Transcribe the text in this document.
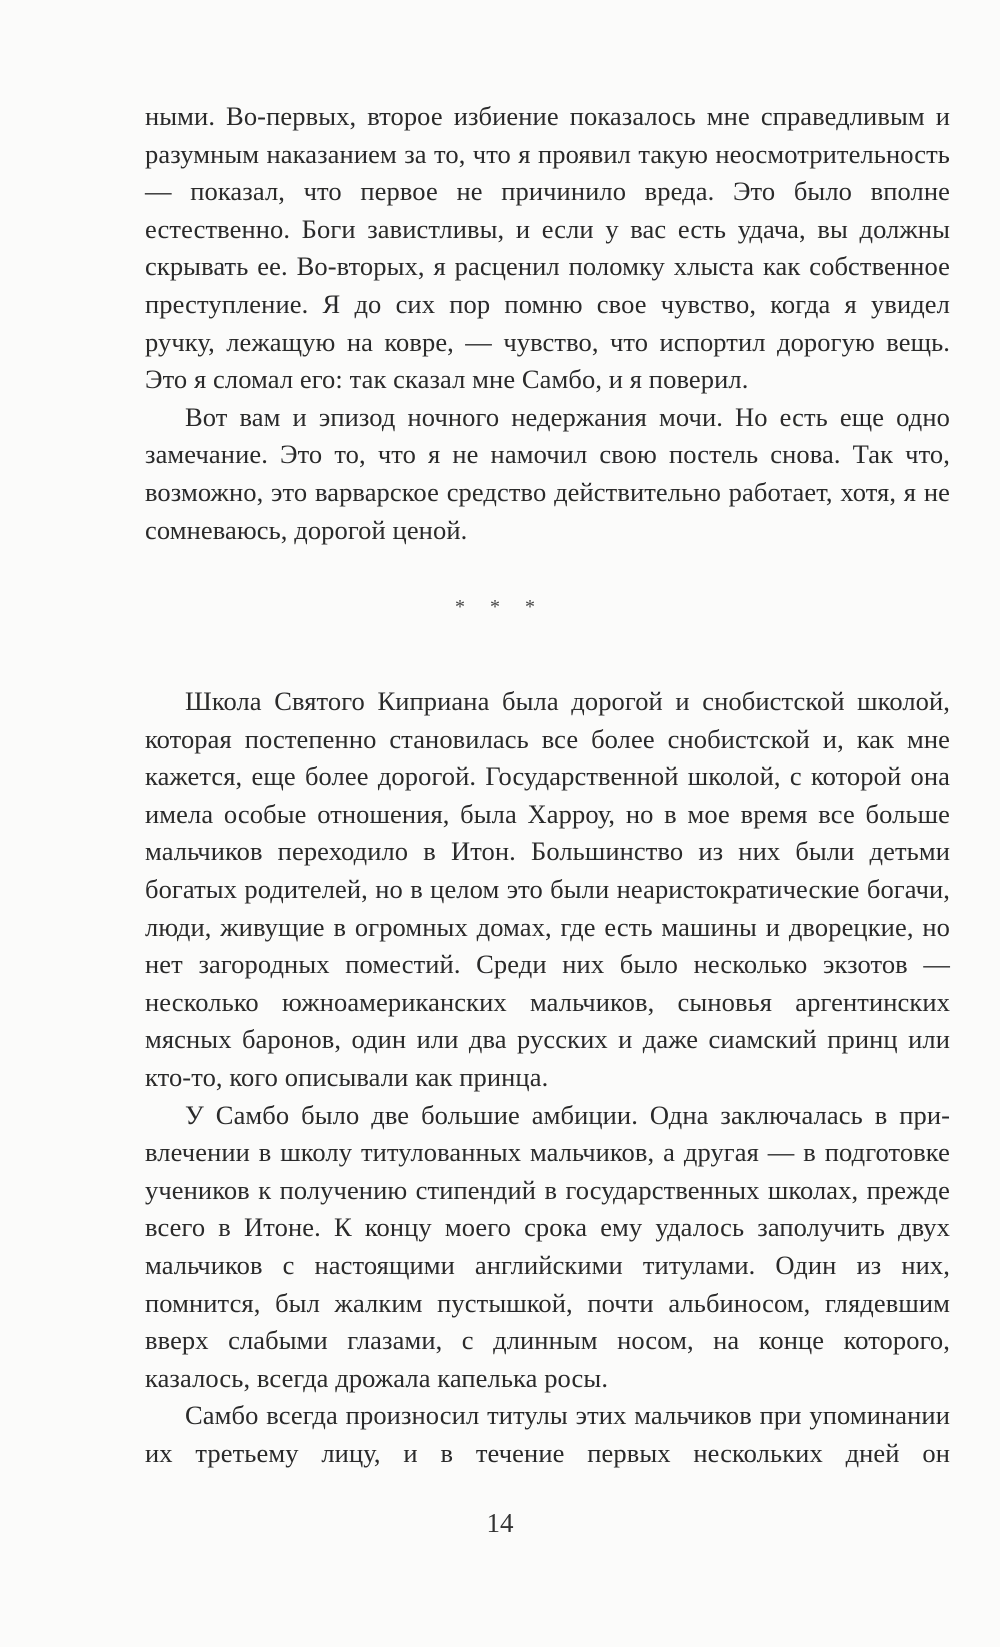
ными. Во-первых, второе избиение показалось мне справедливым и разумным наказанием за то, что я проявил такую неосмотрительность — показал, что первое не причинило вреда. Это было вполне естественно. Боги завистливы, и если у вас есть удача, вы должны скрывать ее. Во-вторых, я расценил поломку хлыста как собственное преступление. Я до сих пор помню свое чувство, когда я увидел ручку, лежащую на ковре, — чувство, что испортил дорогую вещь. Это я сломал его: так сказал мне Самбо, и я поверил.

Вот вам и эпизод ночного недержания мочи. Но есть еще одно замечание. Это то, что я не намочил свою постель снова. Так что, возможно, это варварское средство действительно работает, хотя, я не сомневаюсь, дорогой ценой.

* * *

Школа Святого Киприана была дорогой и снобистской школой, которая постепенно становилась все более снобистской и, как мне кажется, еще более дорогой. Государственной школой, с которой она имела особые отношения, была Харроу, но в мое время все больше мальчиков переходило в Итон. Большинство из них были детьми богатых родителей, но в целом это были неаристократические богачи, люди, живущие в огромных домах, где есть машины и дворецкие, но нет загородных поместий. Среди них было несколько экзотов — несколько южноамериканских мальчиков, сыновья аргентинских мясных баронов, один или два русских и даже сиамский принц или кто-то, кого описывали как принца.

У Самбо было две большие амбиции. Одна заключалась в привлечении в школу титулованных мальчиков, а другая — в подготовке учеников к получению стипендий в государственных школах, прежде всего в Итоне. К концу моего срока ему удалось заполучить двух мальчиков с настоящими английскими титулами. Один из них, помнится, был жалким пустышкой, почти альбиносом, глядевшим вверх слабыми глазами, с длинным носом, на конце которого, казалось, всегда дрожала капелька росы.

Самбо всегда произносил титулы этих мальчиков при упоминании их третьему лицу, и в течение первых нескольких дней он

14
